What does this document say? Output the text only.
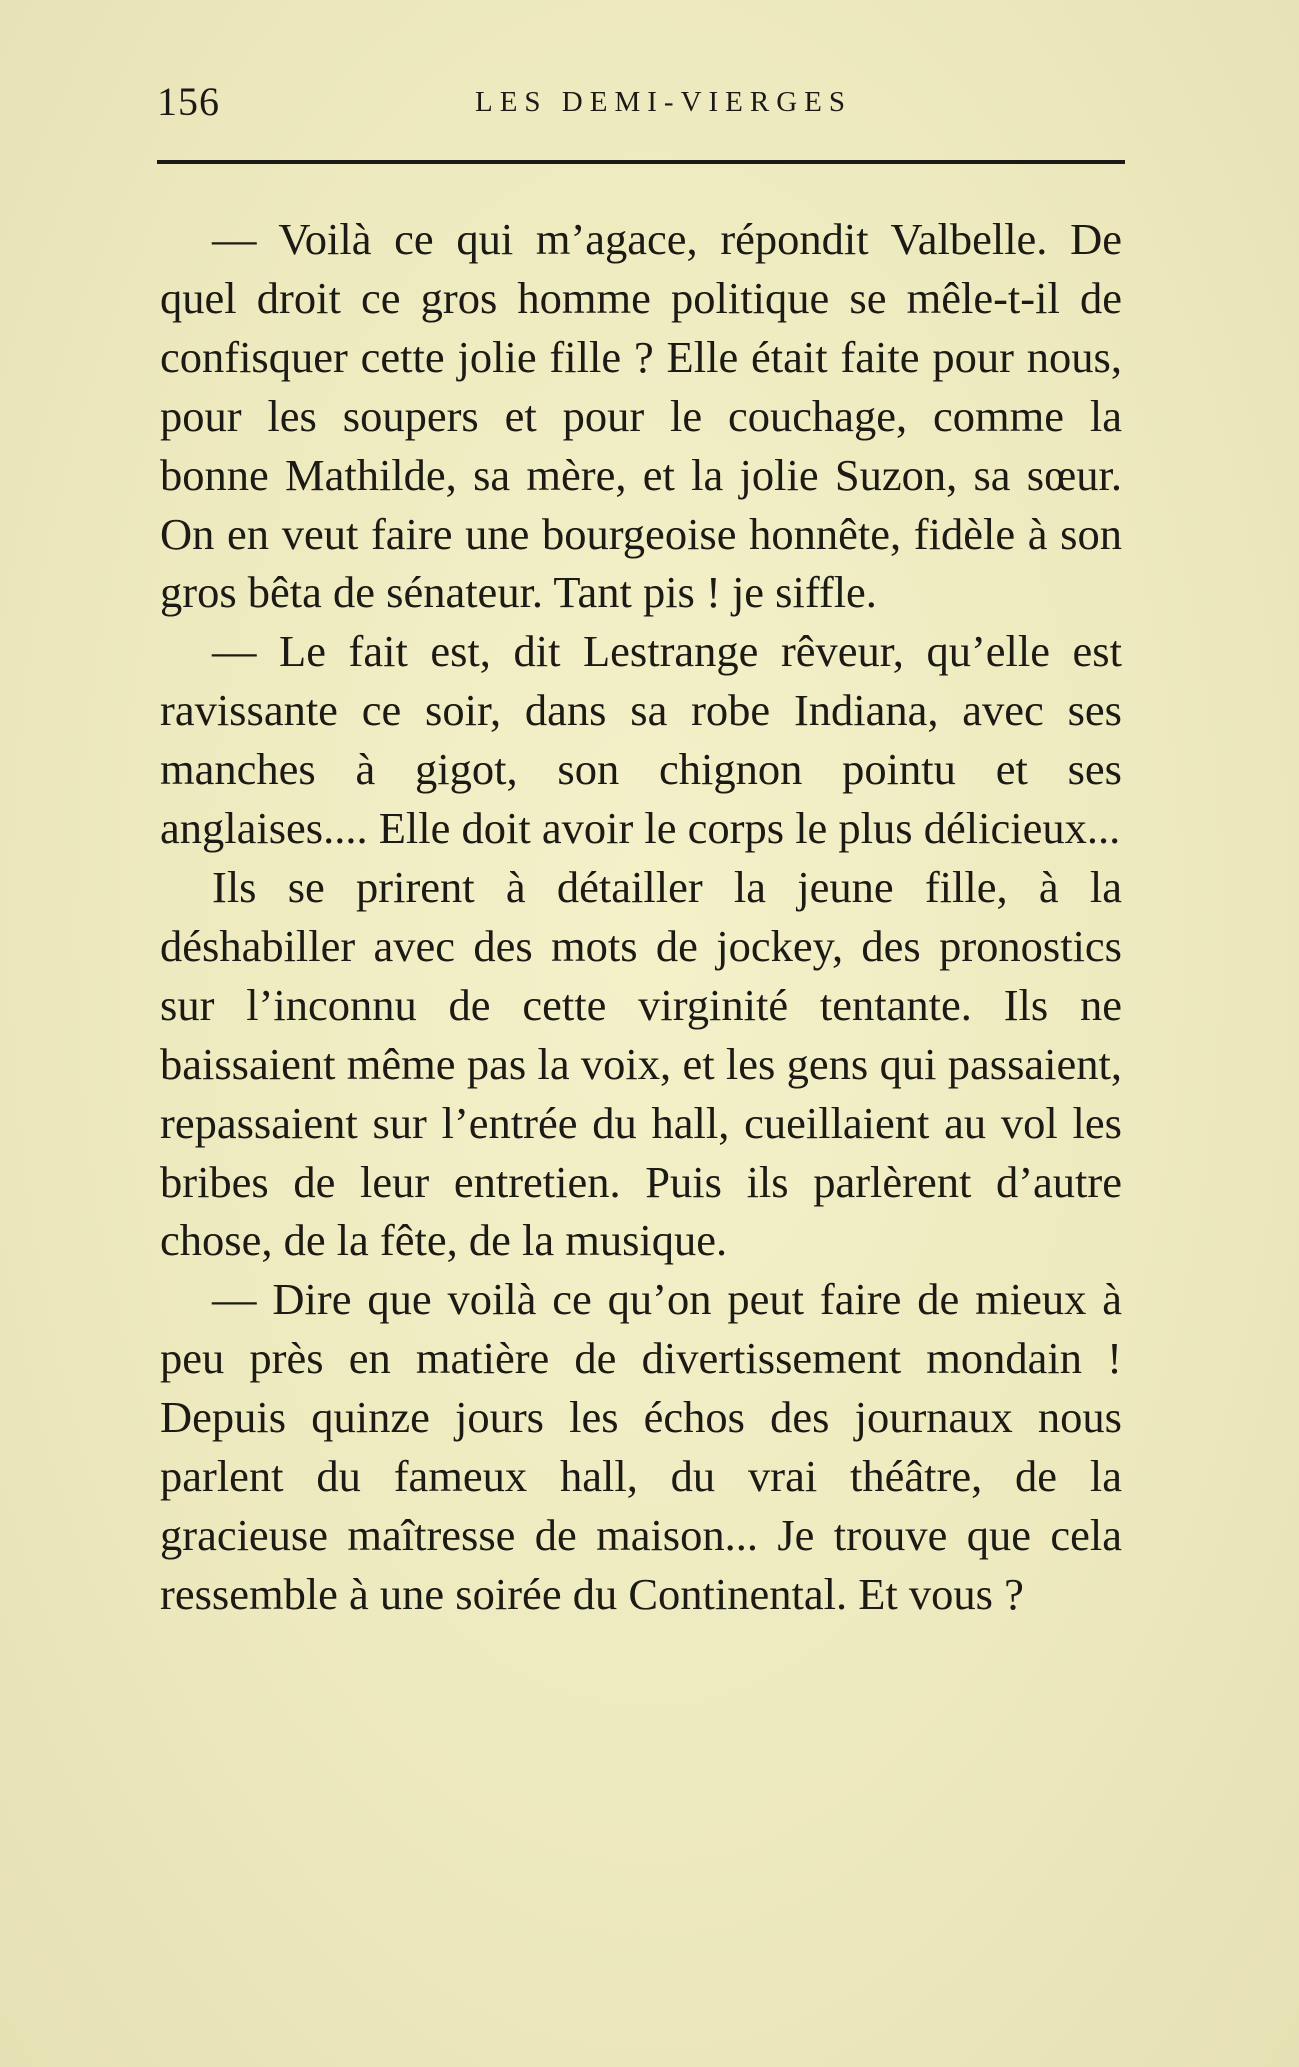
156	LES DEMI-VIERGES

— Voilà ce qui m’agace, répondit Valbelle. De quel droit ce gros homme politique se mêle-t-il de confisquer cette jolie fille ? Elle était faite pour nous, pour les soupers et pour le couchage, comme la bonne Mathilde, sa mère, et la jolie Suzon, sa sœur. On en veut faire une bourgeoise honnête, fidèle à son gros bêta de sénateur. Tant pis ! je siffle.

— Le fait est, dit Lestrange rêveur, qu’elle est ravissante ce soir, dans sa robe Indiana, avec ses manches à gigot, son chignon pointu et ses anglaises.... Elle doit avoir le corps le plus délicieux...

Ils se prirent à détailler la jeune fille, à la déshabiller avec des mots de jockey, des pronostics sur l’inconnu de cette virginité tentante. Ils ne baissaient même pas la voix, et les gens qui passaient, repassaient sur l’entrée du hall, cueillaient au vol les bribes de leur entretien. Puis ils parlèrent d’autre chose, de la fête, de la musique.

— Dire que voilà ce qu’on peut faire de mieux à peu près en matière de divertissement mondain ! Depuis quinze jours les échos des journaux nous parlent du fameux hall, du vrai théâtre, de la gracieuse maîtresse de maison... Je trouve que cela ressemble à une soirée du Continental. Et vous ?
